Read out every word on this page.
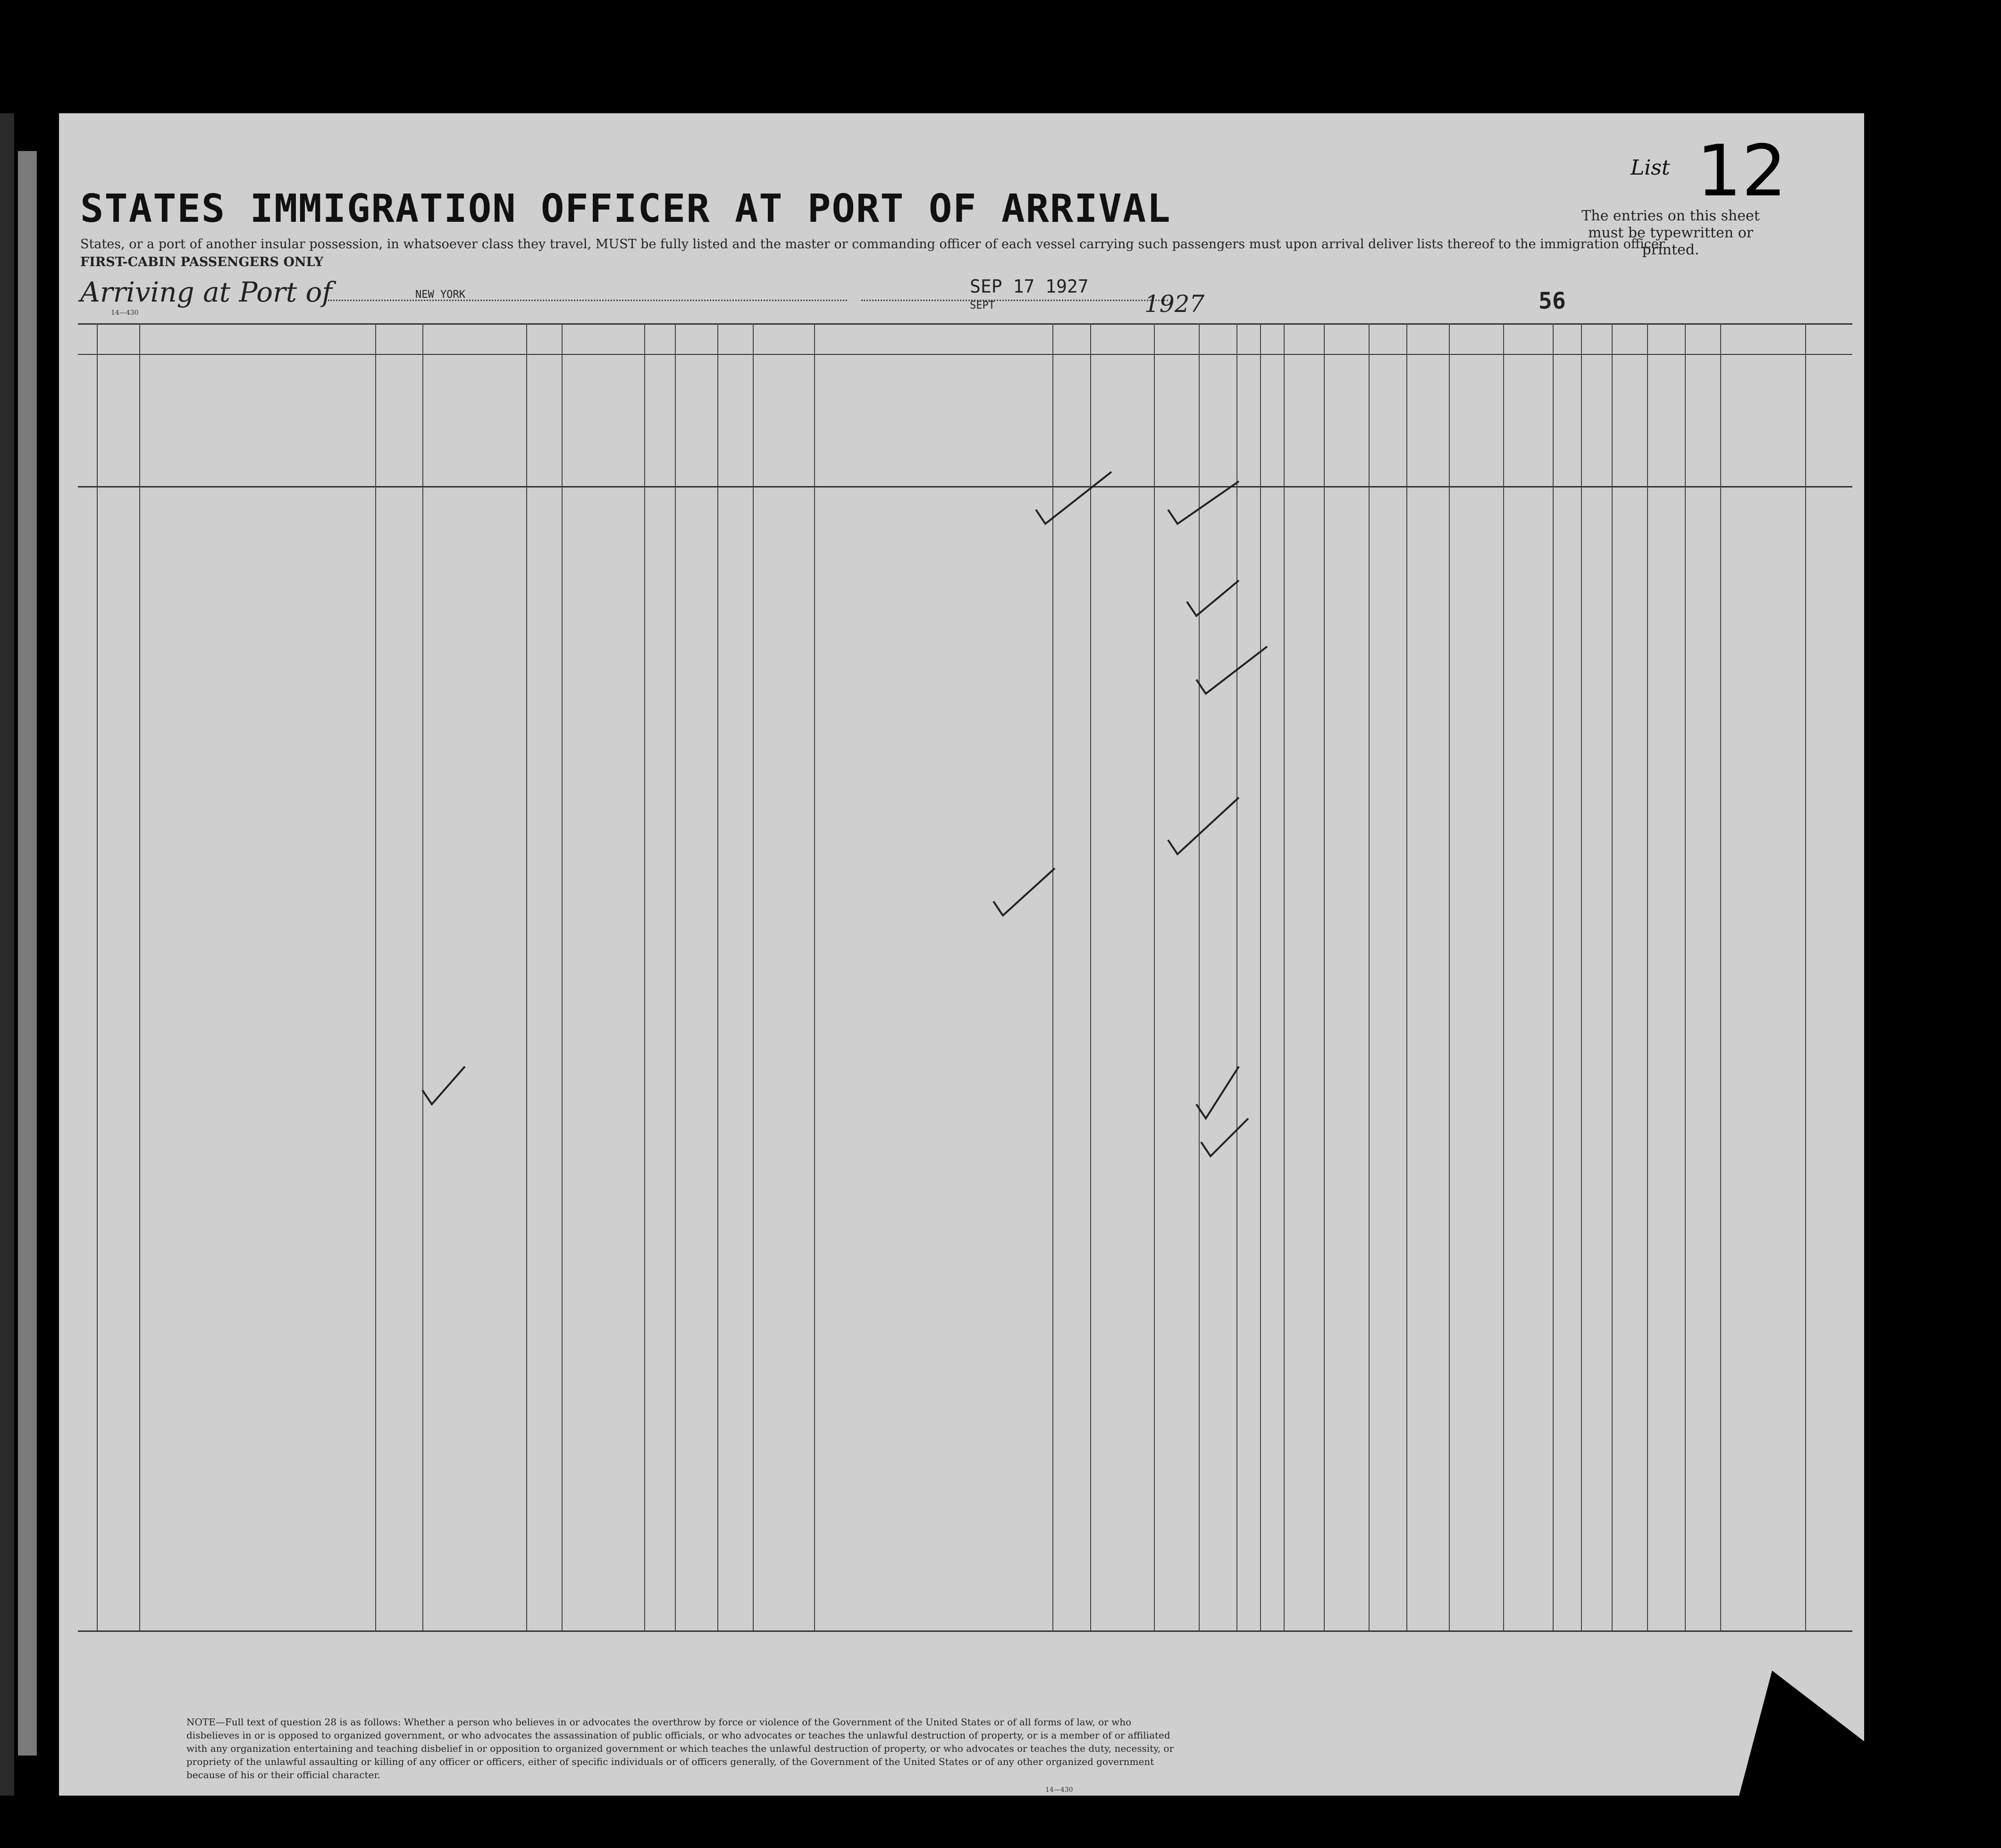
List 12
STATES IMMIGRATION OFFICER AT PORT OF ARRIVAL
States, or a port of another insular possession, in whatsoever class they travel, MUST be fully listed and the master or commanding officer of each vessel carrying such passengers must upon arrival deliver lists thereof to the immigration officer
FIRST-CABIN PASSENGERS ONLY
The entries on this sheet must be typewritten or printed.
14—430
Arriving at Port of	NEW YORK	SEP 17 1927
SEPT	1927	56
NOTE—Full text of question 28 is as follows: Whether a person who believes in or advocates the overthrow by force or violence of the Government of the United States or of all forms of law, or who disbelieves in or is opposed to organized government, or who advocates the assassination of public officials, or who advocates or teaches the unlawful destruction of property, or is a member of or affiliated with any organization entertaining and teaching disbelief in or opposition to organized government or which teaches the unlawful destruction of property, or who advocates or teaches the duty, necessity, or propriety of the unlawful assaulting or killing of any officer or officers, either of specific individuals or of officers generally, of the Government of the United States or of any other organized government because of his or their official character.
14—430
